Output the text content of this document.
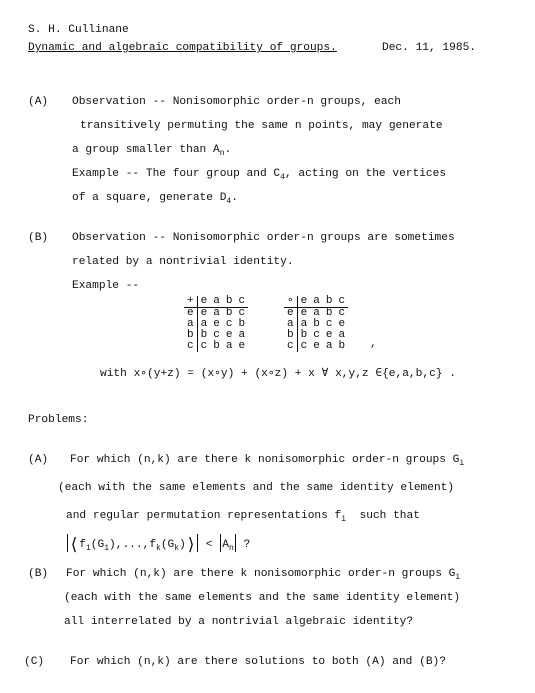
S. H. Cullinane
Dynamic and algebraic compatibility of groups.	Dec. 11, 1985.
(A) Observation -- Nonisomorphic order-n groups, each
transitively permuting the same n points, may generate
a group smaller than $A_n$.
Example -- The four group and $C_4$, acting on the vertices
of a square, generate $D_4$.
(B) Observation -- Nonisomorphic order-n groups are sometimes
related by a nontrivial identity.
Example --
+	e	a	b	c
e	e	a	b	c
a	a	e	c	b
b	b	c	e	a
c	c	b	a	e
∘	e	a	b	c
e	e	a	b	c
a	a	b	c	e
b	b	c	e	a
c	c	e	a	b ,
with x∘(y+z) = (x∘y) + (x∘z) + x ∀ x,y,z ∈{e,a,b,c} .
Problems:
(A) For which (n,k) are there k nonisomorphic order-n groups $G_i$
(each with the same elements and the same identity element)
and regular permutation representations $f_i$ such that
$⟨f_1(G_1),...,f_k(G_k)⟩ < A_n$ ?
(B) For which (n,k) are there k nonisomorphic order-n groups $G_i$
(each with the same elements and the same identity element)
all interrelated by a nontrivial algebraic identity?
(C) For which (n,k) are there solutions to both (A) and (B)?
